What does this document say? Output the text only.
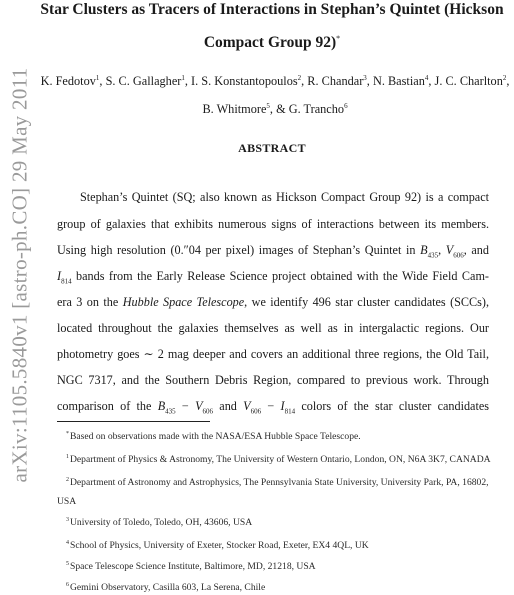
arXiv:1105.5840v1 [astro-ph.CO] 29 May 2011
Star Clusters as Tracers of Interactions in Stephan’s Quintet (Hickson
Compact Group 92)*
K. Fedotov$^1$, S. C. Gallagher$^1$, I. S. Konstantopoulos$^2$, R. Chandar$^3$, N. Bastian$^4$, J. C. Charlton$^2$,
B. Whitmore$^5$, & G. Trancho$^6$
ABSTRACT
Stephan’s Quintet (SQ; also known as Hickson Compact Group 92) is a compact
group of galaxies that exhibits numerous signs of interactions between its members.
Using high resolution (0.″04 per pixel) images of Stephan’s Quintet in $B_{435}$, $V_{606}$, and
$I_{814}$ bands from the Early Release Science project obtained with the Wide Field Cam-
era 3 on the Hubble Space Telescope, we identify 496 star cluster candidates (SCCs),
located throughout the galaxies themselves as well as in intergalactic regions. Our
photometry goes ∼ 2 mag deeper and covers an additional three regions, the Old Tail,
NGC 7317, and the Southern Debris Region, compared to previous work. Through
comparison of the $B_{435} - V_{606}$ and $V_{606} - I_{814}$ colors of the star cluster candidates
*Based on observations made with the NASA/ESA Hubble Space Telescope.
$^1$Department of Physics & Astronomy, The University of Western Ontario, London, ON, N6A 3K7, CANADA
$^2$Department of Astronomy and Astrophysics, The Pennsylvania State University, University Park, PA, 16802,
USA
$^3$University of Toledo, Toledo, OH, 43606, USA
$^4$School of Physics, University of Exeter, Stocker Road, Exeter, EX4 4QL, UK
$^5$Space Telescope Science Institute, Baltimore, MD, 21218, USA
$^6$Gemini Observatory, Casilla 603, La Serena, Chile
